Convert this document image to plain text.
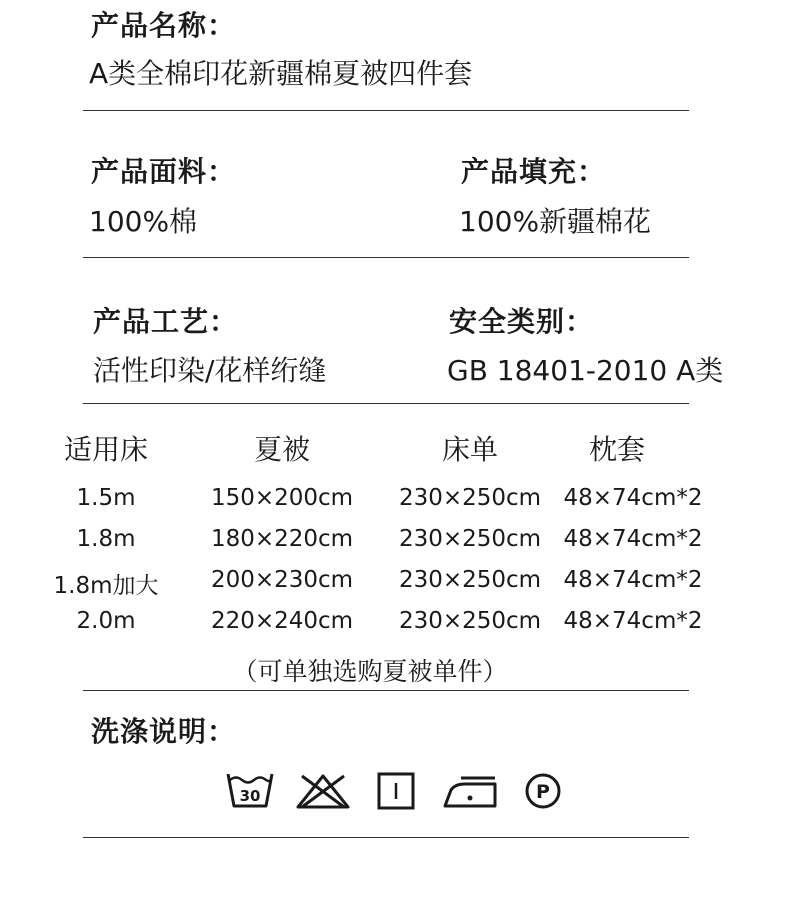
产品名称：
A类全棉印花新疆棉夏被四件套
产品面料：
100%棉
产品填充：
100%新疆棉花
产品工艺：
活性印染/花样绗缝
安全类别：
GB 18401-2010 A类
适用床	夏被	床单	枕套
1.5m	150×200cm	230×250cm 48×74cm*2
1.8m	180×220cm	230×250cm 48×74cm*2
1.8m加大	200×230cm	230×250cm 48×74cm*2
2.0m	220×240cm	230×250cm 48×74cm*2
（可单独选购夏被单件）
洗涤说明：
30	P
